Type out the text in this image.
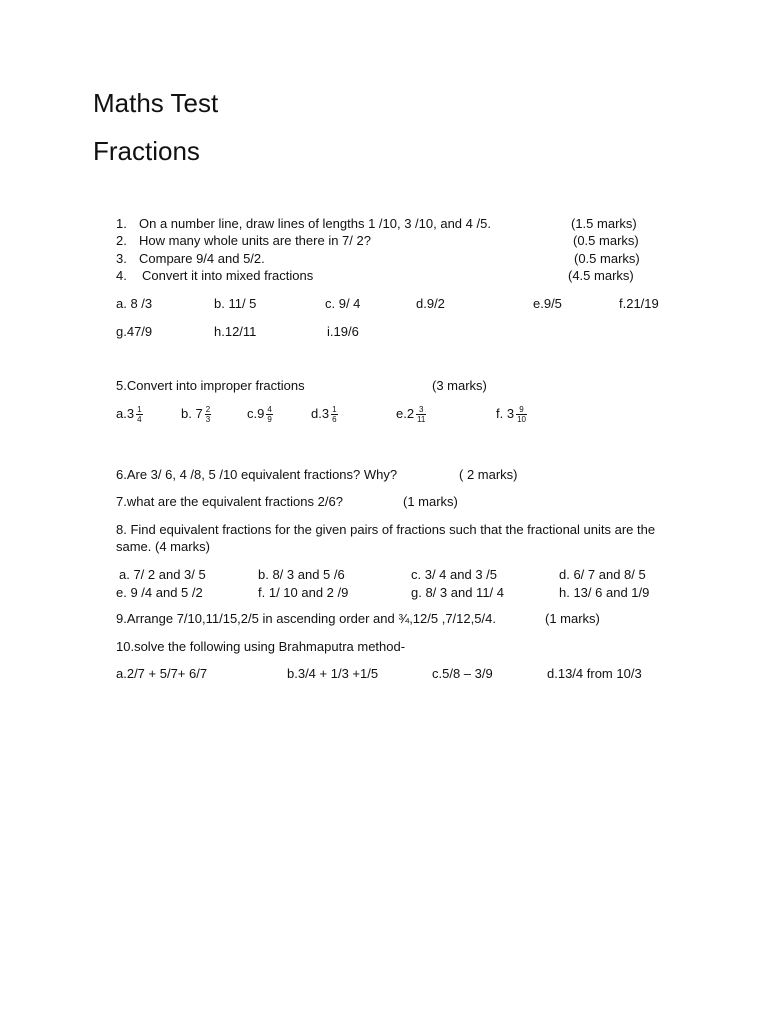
Maths Test
Fractions
1. On a number line, draw lines of lengths 1 /10, 3 /10, and 4 /5.	(1.5 marks)
2. How many whole units are there in 7/ 2?	(0.5 marks)
3. Compare 9/4 and 5/2.	(0.5 marks)
4. Convert it into mixed fractions	(4.5 marks)
a. 8 /3	b. 11/ 5	c. 9/ 4	d.9/2	e.9/5	f.21/19
g.47/9	h.12/11	i.19/6
5.Convert into improper fractions	(3 marks)
$a.3 \frac{1}{4}$	b. $7 \frac{2}{3}$	$c.9 \frac{4}{9}$	$d.3 \frac{1}{6}$	$e.2 \frac{3}{11}$	f. $3 \frac{9}{10}$
6.Are 3/ 6, 4 /8, 5 /10 equivalent fractions? Why?	( 2 marks)
7.what are the equivalent fractions 2/6?	(1 marks)
8. Find equivalent fractions for the given pairs of fractions such that the fractional units are the
same. (4 marks)
a. 7/ 2 and 3/ 5	b. 8/ 3 and 5 /6	c. 3/ 4 and 3 /5	d. 6/ 7 and 8/ 5
e. 9 /4 and 5 /2	f. 1/ 10 and 2 /9	g. 8/ 3 and 11/ 4	h. 13/ 6 and 1/9
9.Arrange 7/10,11/15,2/5 in ascending order and ¾,12/5 ,7/12,5/4.	(1 marks)
10.solve the following using Brahmaputra method-
a.2/7 + 5/7+ 6/7	b.3/4 + 1/3 +1/5	c.5/8 – 3/9	d.13/4 from 10/3
